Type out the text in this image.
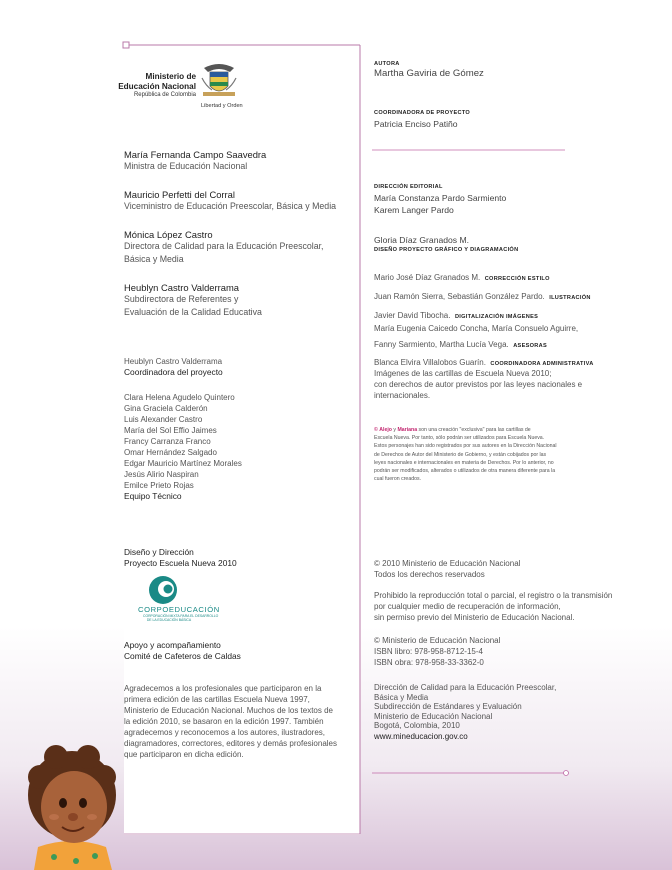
Ministerio de
Educación Nacional
República de Colombia
Libertad y Orden
María Fernanda Campo Saavedra
Ministra de Educación Nacional
Mauricio Perfetti del Corral
Viceministro de Educación Preescolar, Básica y Media
Mónica López Castro
Directora de Calidad para la Educación Preescolar,
Básica y Media
Heublyn Castro Valderrama
Subdirectora de Referentes y
Evaluación de la Calidad Educativa
Heublyn Castro Valderrama
Coordinadora del proyecto
Clara Helena Agudelo Quintero
Gina Graciela Calderón
Luis Alexander Castro
María del Sol Effio Jaimes
Francy Carranza Franco
Omar Hernández Salgado
Edgar Mauricio Martínez Morales
Jesús Alirio Naspiran
Emilce Prieto Rojas
Equipo Técnico
Diseño y Dirección
Proyecto Escuela Nueva 2010
CORPOEDUCACIÓN
CORPORACIÓN MIXTA PARA EL DESARROLLO
DE LA EDUCACIÓN BÁSICA
Apoyo y acompañamiento
Comité de Cafeteros de Caldas
Agradecemos a los profesionales que participaron en la
primera edición de las cartillas Escuela Nueva 1997,
Ministerio de Educación Nacional. Muchos de los textos de
la edición 2010, se basaron en la edición 1997. También
agradecemos y reconocemos a los autores, ilustradores,
diagramadores, correctores, editores y demás profesionales
que participaron en dicha edición.
AUTORA
Martha Gaviria de Gómez
COORDINADORA DE PROYECTO
Patricia Enciso Patiño
DIRECCIÓN EDITORIAL
María Constanza Pardo Sarmiento
Karem Langer Pardo
Gloria Díaz Granados M.
DISEÑO PROYECTO GRÁFICO Y DIAGRAMACIÓN
Mario José Díaz Granados M. CORRECCIÓN ESTILO
Juan Ramón Sierra, Sebastián González Pardo. ILUSTRACIÓN
Javier David Tibocha. DIGITALIZACIÓN IMÁGENES
María Eugenia Caicedo Concha, María Consuelo Aguirre,
Fanny Sarmiento, Martha Lucía Vega. ASESORAS
Blanca Elvira Villalobos Guarín. COORDINADORA ADMINISTRATIVA
Imágenes de las cartillas de Escuela Nueva 2010;
con derechos de autor previstos por las leyes nacionales e
internacionales.
© Alejo y Mariana son una creación "exclusiva" para las cartillas de
Escuela Nueva. Por tanto, sólo podrán ser utilizados para Escuela Nueva.
Estos personajes han sido registrados por sus autores en la Dirección Nacional
de Derechos de Autor del Ministerio de Gobierno, y están cobijados por las
leyes nacionales e internacionales en materia de Derechos. Por lo anterior, no
podrán ser modificados, alterados o utilizados de otra manera diferente para la
cual fueron creados.
© 2010 Ministerio de Educación Nacional
Todos los derechos reservados
Prohibido la reproducción total o parcial, el registro o la transmisión
por cualquier medio de recuperación de información,
sin permiso previo del Ministerio de Educación Nacional.
© Ministerio de Educación Nacional
ISBN libro: 978-958-8712-15-4
ISBN obra: 978-958-33-3362-0
Dirección de Calidad para la Educación Preescolar,
Básica y Media
Subdirección de Estándares y Evaluación
Ministerio de Educación Nacional
Bogotá, Colombia, 2010
www.mineducacion.gov.co
